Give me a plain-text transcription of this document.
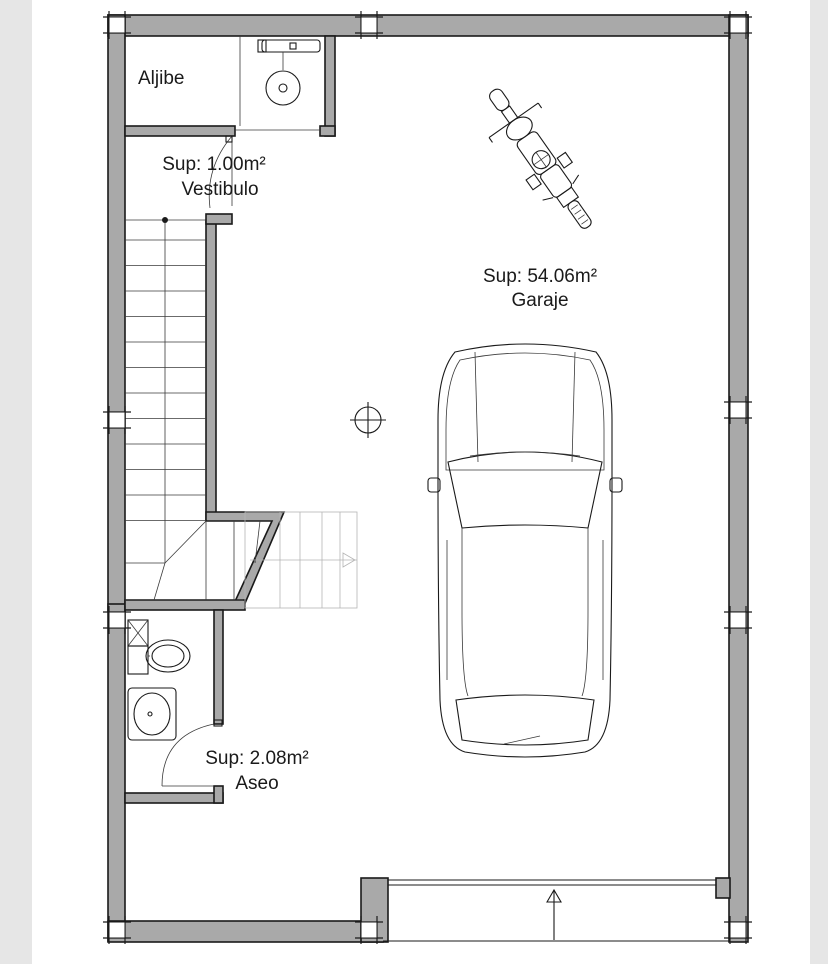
Aljibe
Sup: 1.00m²
Vestibulo
Sup: 54.06m²
Garaje
Sup: 2.08m²
Aseo
